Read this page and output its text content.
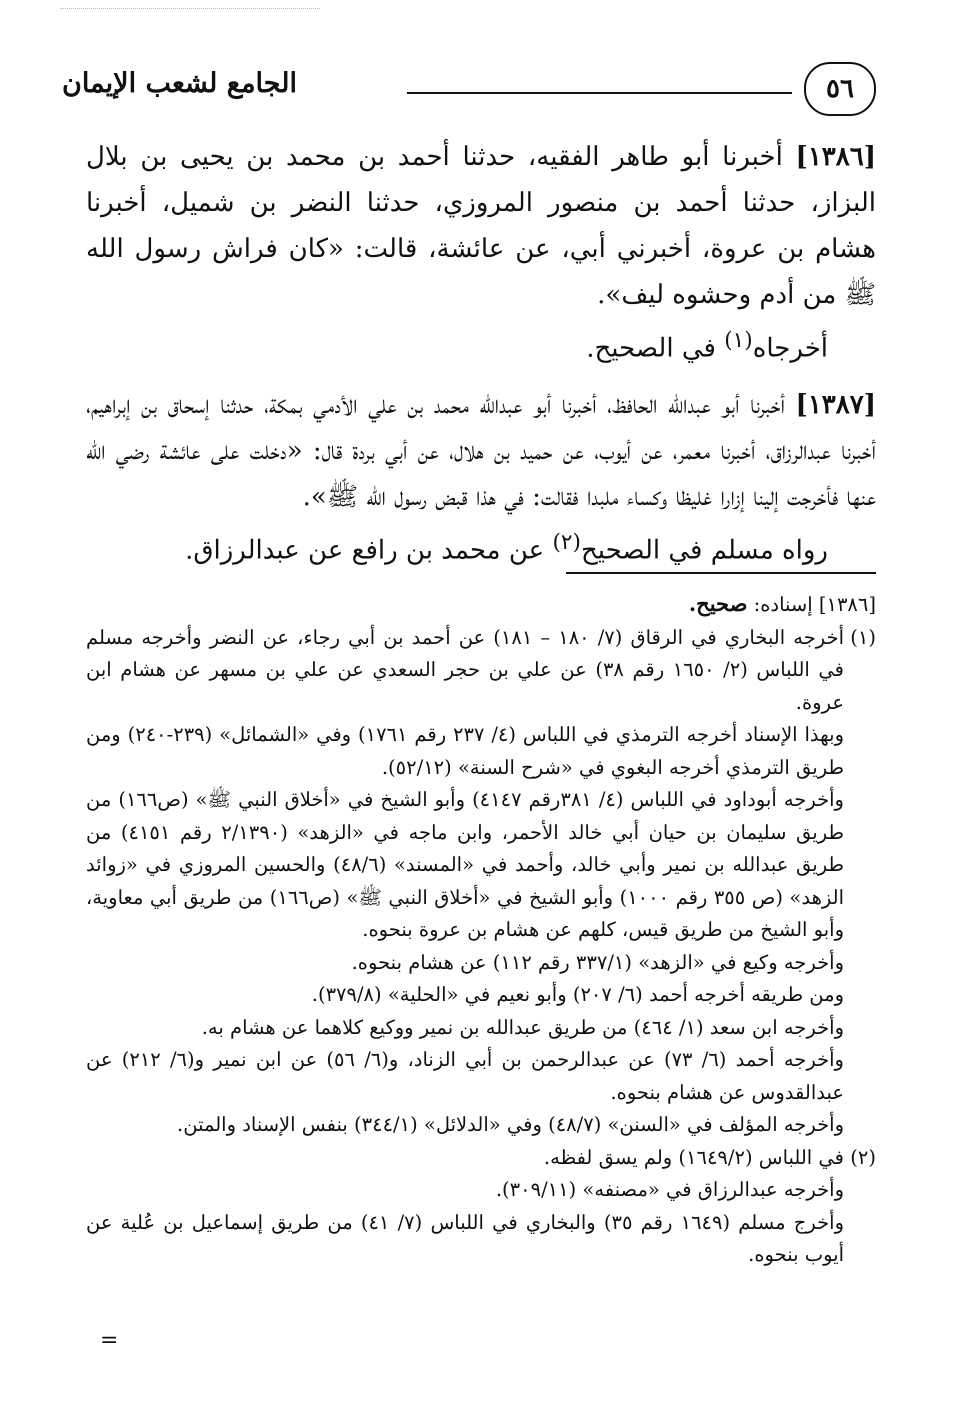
٥٦
الجامع لشعب الإيمان

[١٣٨٦] أخبرنا أبو طاهر الفقيه، حدثنا أحمد بن محمد بن يحيى بن بلال البزاز، حدثنا أحمد بن منصور المروزي، حدثنا النضر بن شميل، أخبرنا هشام بن عروة، أخبرني أبي، عن عائشة، قالت: «كان فراش رسول الله ﷺ من أدم وحشوه ليف».

أخرجاه$^{(١)}$ في الصحيح.

[١٣٨٧] أخبرنا أبو عبدالله الحافظ، أخبرنا أبو عبدالله محمد بن علي الأدمي بمكة، حدثنا إسحاق بن إبراهيم، أخبرنا عبدالرزاق، أخبرنا معمر، عن أيوب، عن حميد بن هلال، عن أبي بردة قال: «دخلت على عائشة رضي الله عنها فأخرجت إلينا إزارا غليظا وكساء ملبدا فقالت: في هذا قبض رسول الله ﷺ».

رواه مسلم في الصحيح$^{(٢)}$ عن محمد بن رافع عن عبدالرزاق.

[١٣٨٦] إسناده: صحيح.

(١)

أخرجه البخاري في الرقاق (٧/ ١٨٠ – ١٨١) عن أحمد بن أبي رجاء، عن النضر وأخرجه مسلم في اللباس (٢/ ١٦٥٠ رقم ٣٨) عن علي بن حجر السعدي عن علي بن مسهر عن هشام ابن عروة.

وبهذا الإسناد أخرجه الترمذي في اللباس (٤/ ٢٣٧ رقم ١٧٦١) وفي «الشمائل» (٢٣٩-٢٤٠) ومن طريق الترمذي أخرجه البغوي في «شرح السنة» (٥٢/١٢).

وأخرجه أبوداود في اللباس (٤/ ٣٨١رقم ٤١٤٧) وأبو الشيخ في «أخلاق النبي ﷺ» (ص١٦٦) من طريق سليمان بن حيان أبي خالد الأحمر، وابن ماجه في «الزهد» (٢/١٣٩٠ رقم ٤١٥١) من طريق عبدالله بن نمير وأبي خالد، وأحمد في «المسند» (٤٨/٦) والحسين المروزي في «زوائد الزهد» (ص ٣٥٥ رقم ١٠٠٠) وأبو الشيخ في «أخلاق النبي ﷺ» (ص١٦٦) من طريق أبي معاوية، وأبو الشيخ من طريق قيس، كلهم عن هشام بن عروة بنحوه.

وأخرجه وكيع في «الزهد» (٣٣٧/١ رقم ١١٢) عن هشام بنحوه.

ومن طريقه أخرجه أحمد (٦/ ٢٠٧) وأبو نعيم في «الحلية» (٣٧٩/٨).

وأخرجه ابن سعد (١/ ٤٦٤) من طريق عبدالله بن نمير ووكيع كلاهما عن هشام به.

وأخرجه أحمد (٦/ ٧٣) عن عبدالرحمن بن أبي الزناد، و(٦/ ٥٦) عن ابن نمير و(٦/ ٢١٢) عن عبدالقدوس عن هشام بنحوه.

وأخرجه المؤلف في «السنن» (٤٨/٧) وفي «الدلائل» (٣٤٤/١) بنفس الإسناد والمتن.

(٢)

في اللباس (١٦٤٩/٢) ولم يسق لفظه.

وأخرجه عبدالرزاق في «مصنفه» (٣٠٩/١١).

وأخرج مسلم (١٦٤٩ رقم ٣٥) والبخاري في اللباس (٧/ ٤١) من طريق إسماعيل بن عُلية عن أيوب بنحوه.

=
